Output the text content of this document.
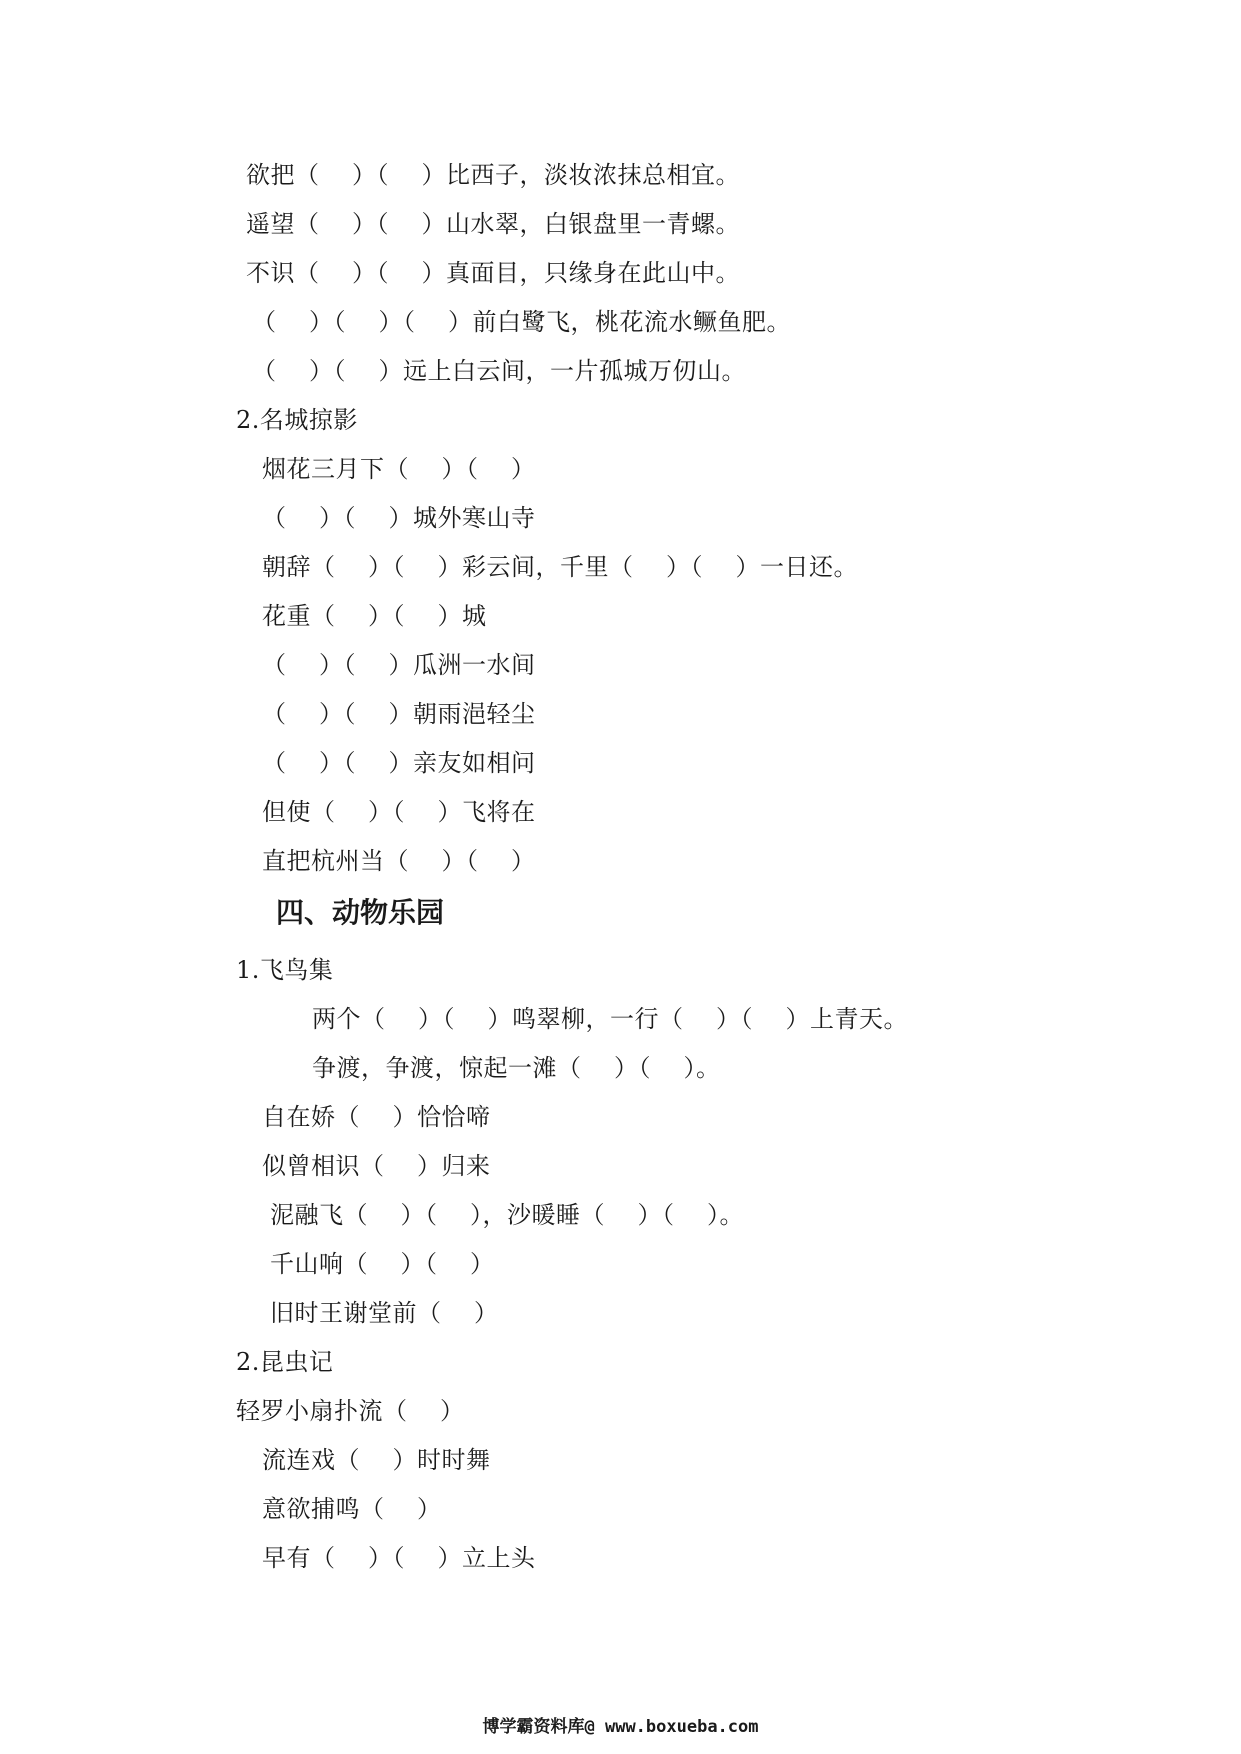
欲把（    ）（    ）比西子，淡妆浓抹总相宜。
遥望（    ）（    ）山水翠，白银盘里一青螺。
不识（    ）（    ）真面目，只缘身在此山中。
（    ）（    ）（    ）前白鹭飞，桃花流水鳜鱼肥。
（    ）（    ）远上白云间，一片孤城万仞山。
2.名城掠影
烟花三月下（    ）（    ）
（    ）（    ）城外寒山寺
朝辞（    ）（    ）彩云间，千里（    ）（    ）一日还。
花重（    ）（    ）城
（    ）（    ）瓜洲一水间
（    ）（    ）朝雨浥轻尘
（    ）（    ）亲友如相问
但使（    ）（    ）飞将在
直把杭州当（    ）（    ）
四、动物乐园
1.飞鸟集
两个（    ）（    ）鸣翠柳，一行（    ）（    ）上青天。
争渡，争渡，惊起一滩（    ）（    ）。
自在娇（    ）恰恰啼
似曾相识（    ）归来
泥融飞（    ）（    ），沙暖睡（    ）（    ）。
千山响（    ）（    ）
旧时王谢堂前（    ）
2.昆虫记
轻罗小扇扑流（    ）
流连戏（    ）时时舞
意欲捕鸣（    ）
早有（    ）（    ）立上头
博学霸资料库@ www.boxueba.com
